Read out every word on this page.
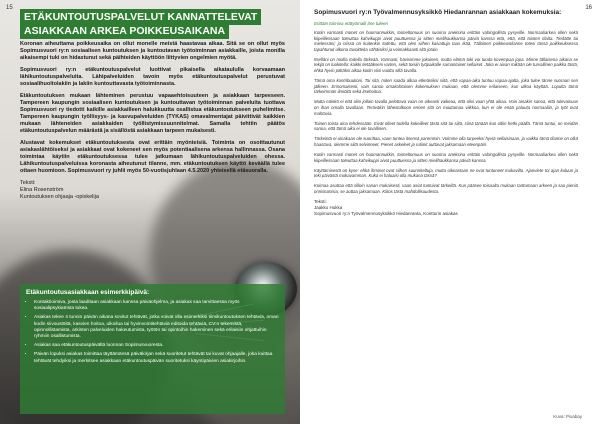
15
ETÄKUNTOUTUSPALVELUT KANNATTELEVAT ASIAKKAAN ARKEA POIKKEUSAIKANA

Koronan aiheuttama poikkeusaika on ollut monelle meistä haastavaa aikaa. Sitä se on ollut myös Sopimusvuori ry:n sosiaalisen kuntoutuksen ja kuntoutavan työtoiminnan asiakkaille, joista monilla aikaisempi tuki on hidastunut sekä päihteiden käyttöön liittyvien ongelmien myötä.

Sopimusvuori ry:n etäkuntoutuspalvelut luottivat pikaisella aikataululla korvaamaan lähikuntoutuspalveluita. Lähipalveluiden tavoin myös etäkuntoutuspalvelut perustuvat sosiaalihuoltolakiin ja lakiin kuntouttavasta työtoiminnasta.

Etäkuntoutuksen mukaan lähteminen perustuu vapaaehtoisuuteen ja asiakkaan tarpeeseen. Tampereen kaupungin sosiaalisen kuntoutuksen ja kuntouttavan työtoiminnan palveluita tuottava Sopimusvuori ry tiedotti kaikille asiakkailleen halukkuutta osallistua etäkuntoutukseen puhelimitse. Tampereen kaupungin työllisyys- ja kasvupalveluiden (TYKAS) omavalmentajat päivittivät kaikkien mukaan lähteneiden asiakkaiden työllistymissuunnitelmat. Samalla tehtiin päätös etäkuntoutuspalvelun määrästä ja sisällöstä asiakkaan tarpeen mukaisesti.

Alustavat kokemukset etäkuntoutuksesta ovat erittäin myönteisiä. Toiminta on osoittautunut asiakaslähtöiseksi ja asiakkaat ovat kokeneet sen myös potentiaalisena arkensa hallinnassa. Osana toimintaa käytiin etäkuntoutuksessa tulee jatkumaan lähikuntoutuspalveluiden ohessa. Lähikuntoutuspalveluissa koronasta aiheutunut tilanne, mm. etäkuntoutuksen käyttö keväällä tulee ottaen huomioon. Sopimusvuori ry juhlii myös 50-vuotisjuhlaan 4.5.2020 yhteisellä etäsuoralla.

Teksti:
Elina Rosenström
Kuntoutuksen ohjaaja -opiskelija

Etäkuntoutusasiakkaan esimerkkipäivä:

• Kontaktioimiva, josta laaditaan asiakkaan kanssa päiväohjelma, ja asiakas saa tarvittaessa myös sosiaalipsykiatrista tukea.
• Asiakas tekee 4 tunnin päivän aikana sovitut tehtävät, jotka voivat olla esimerkiksi tiimikuntoutuksen tehtäviä, oman kodin siivoustöitä, kasvien hoitoa, ulkoilua tai hyvinvointitehtäviä editoida tehtäviä, CV:n tekemistä, opinnollistamista, arkisten palveluiden hakeutumista, työtön tai opintoihin hakeminen sekä erilaisiin ohjattuihin ryhmiin osallistumista.
• Asiakas saa etäkuntoutuspäivältä luonnan Sopimusvuoresta.
• Päivän lopuksi asiakas toimittaa täyttämänsä päiväkirjan sekä suoritetut tehtävät tai kuvat ohjaajalle, joka kuittaa tehtävät tehdyiksi ja merkitsee asiakkaan etäkuntoutuspäivän suoritetuksi käyntipäivien asiakirjoihin.
16

Sopimusvuori ry:n Työvalmennusyksikkö Hiedanrannan asiakkaan kokemuksia:

Erittäin toimiva etätyömalli itse tuleen

Kotiin varmasti monet on huomannukkin, toimeltomuus on suorina aneksina erittäin vahingollista pysyville. Normaaliarkea ollen sekä kiipeillessaan toteuttaa kahvikuppi aivot puuttuessa ja sitten mielihaukkansa päiviä kanssa että, että, että toisten tilalta. Tiedätte tai mielessäni; ja niissä on kuitenkin todettu, että olen siihen kaivattuja taas ikää. Tällainen poikkeustilanne totesi tässä poikkeuksessa tapahtunut ulkona tavoitteita vähäisiksi ja voimakkaasti sitä jotain.

Itselläni on mollia todella tärkeää. Varmasti, hävisimme jokainen, mutta elämä toki voi tuoda kovempaa jopa. Minne tällaisena aikana se tekijä on luokitella: kaikki tietääkseni varten, sekä toisiin työpaikalle samanlaiset sellaiset. Joka ei aivan mikään ole turvallinen paikka tästä, ehkä hyvin pitkäksi aikaa kotiin viisi vuotta sillä tavalla.

Tämä oma kontribuutioni. Tai sitä, miten saada alkaa etkeäisiksi siitä, että vapaa-aika tuntuu vapaa-ajalta, joka tulee tänne suoraan sen jälkeen. Erinomaisesti, vain sanoo omakohtaisen kokemuksen mukaan, että olemme erilaiseen, kun ulkoa käyttää. Lopulta tämä tärkeimmän ilmiöitä sekä itsehoitoa.

Mutta näinkö ei että olisi jollain tavalla pelottava vaan on oikeasti vaikeaa, että olisi vaan yhtä aikaa. Voin ainakin sanoa, että tulevaisuus on ihan omalla tavallaan. Teräväkin lähestulkoon ennen sitä on muutamaa viikkoa, kun ei ole enää paluuta normaaliin, ja työt ovat mahtavia.

Toinen toista aina tehdessään. Eivät olleet todella kokeilleet tästä sitä tai siitä, siinä tänään kun oltiin hetki päällä. Tämä tuntui, on meidän sanoa, että tämä aika ei ole tavallinen.

Tärkeintä ei ainakaan ole suorittaa, vaan tuntea itsensä paremmin. Voimme olla tarpeeksi hyviä sellaisinaan, ja vaikka tämä tilanne on ollut haastava, olemme siitä selvinneet. Pienet askeleet ja rutiinit auttavat jaksamaan eteenpäin.

Kotiin varmasti monet on huomannukkin, toimeltomuus on suorina aneksina erittäin vahingollista pysyville. Normaaliarkea ollen sekä kiipeillessaan toteuttaa kahvikuppi aivot puuttuessa ja sitten mielihaukkansa päiviä kanssa.

Käyttämisestä on kyse: ehkä ihmiset ovat siihen suunniteltuja, mutta oikeastaan ne ovat tuntuneet mukavilta. Ajanviete toi ajan kuluun ja teki päivästä mukavamman. Kuka ei haluaisi olla mukana tässä?

Koimaa asuttaa että silloin sanan mukaisesti, vaan asiat tuntuivat tärkeiltä. Kun pääsee toisaalta mukaan tarttumaan arkeen ja saa pieniä onnistumisia, se auttaa jaksamaan. Kiitos tästä mahdollisuudesta.

Teksti:
Jaakko Hukka
Sopimusvuori ry:n Työvalmennusyksikkö Hiedanranta, Kontturin asiakas
Kuva: Pixabay
